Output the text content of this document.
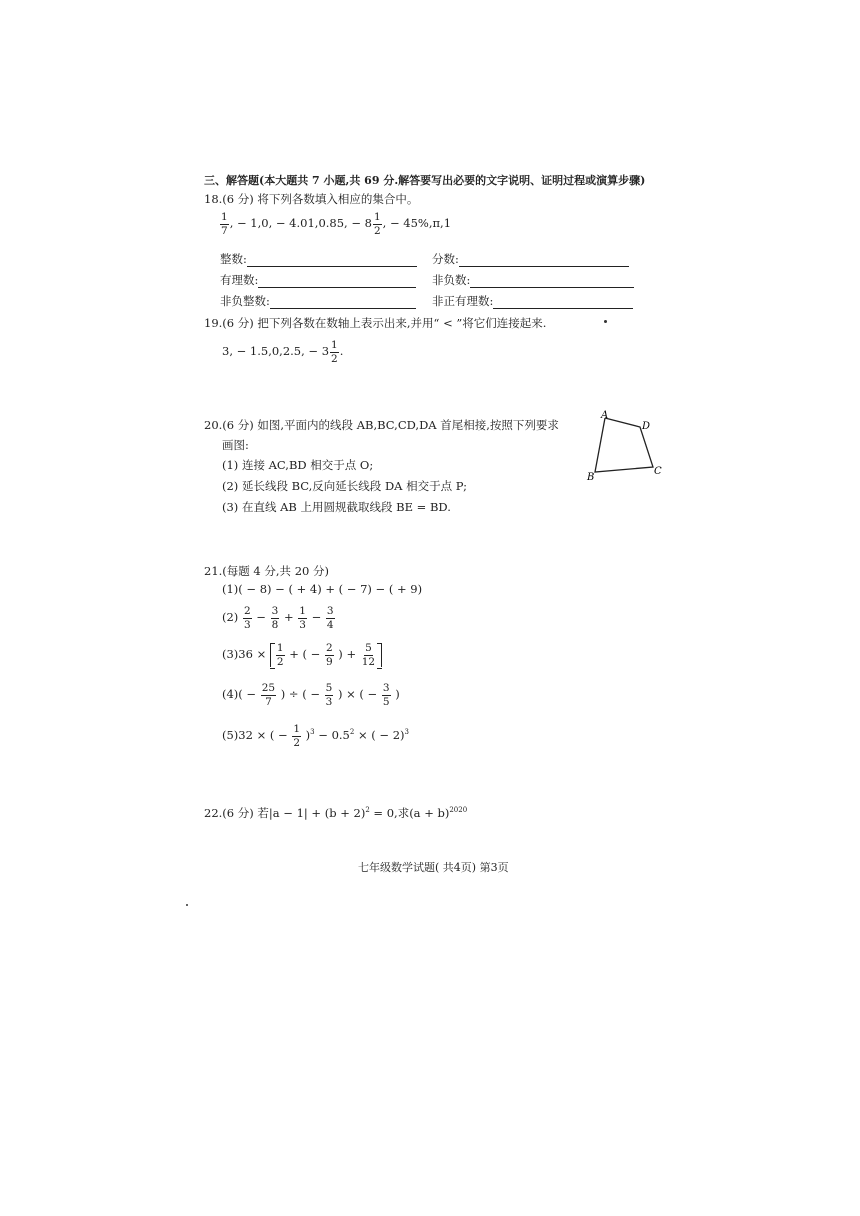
三、解答题(本大题共 7 小题,共 69 分.解答要写出必要的文字说明、证明过程或演算步骤)
18.(6 分) 将下列各数填入相应的集合中。
$\frac{1}{7}$ , − 1,0, − 4.01,0.85, − $8 \frac{1}{2}$ , − 45%,π,1
整数:	分数:
有理数:	非负数:
非负整数:	非正有理数:
19.(6 分) 把下列各数在数轴上表示出来,并用“ < ”将它们连接起来.
3, − 1.5,0,2.5, − $3 \frac{1}{2}$ .
20.(6 分) 如图,平面内的线段 AB,BC,CD,DA 首尾相接,按照下列要求
画图:
(1) 连接 AC,BD 相交于点 O;
(2) 延长线段 BC,反向延长线段 DA 相交于点 P;
(3) 在直线 AB 上用圆规截取线段 BE = BD.
A
D
C
B
21.(每题 4 分,共 20 分)
(1)( − 8) − ( + 4) + ( − 7) − ( + 9)
$(2) \frac{2}{3} - \frac{3}{8} + \frac{1}{3} - \frac{3}{4}$
$(3)36 \times \frac{1}{2}$ + ( − $\frac{2}{9}$ ) + $\frac{5}{12}$
$(4)( - \frac{25}{7}$ ) ÷ ( − $\frac{5}{3}$ ) × ( − $\frac{3}{5}$ )
(5)32 × ( − $\frac{1}{2} )^3 - 0.5^2$ × ( − 2)$^3$
22.(6 分) 若$|a - 1| + (b + 2)^2 = 0$,求$(a + b)^{2020}$
七年级数学试题( 共4页) 第3页
